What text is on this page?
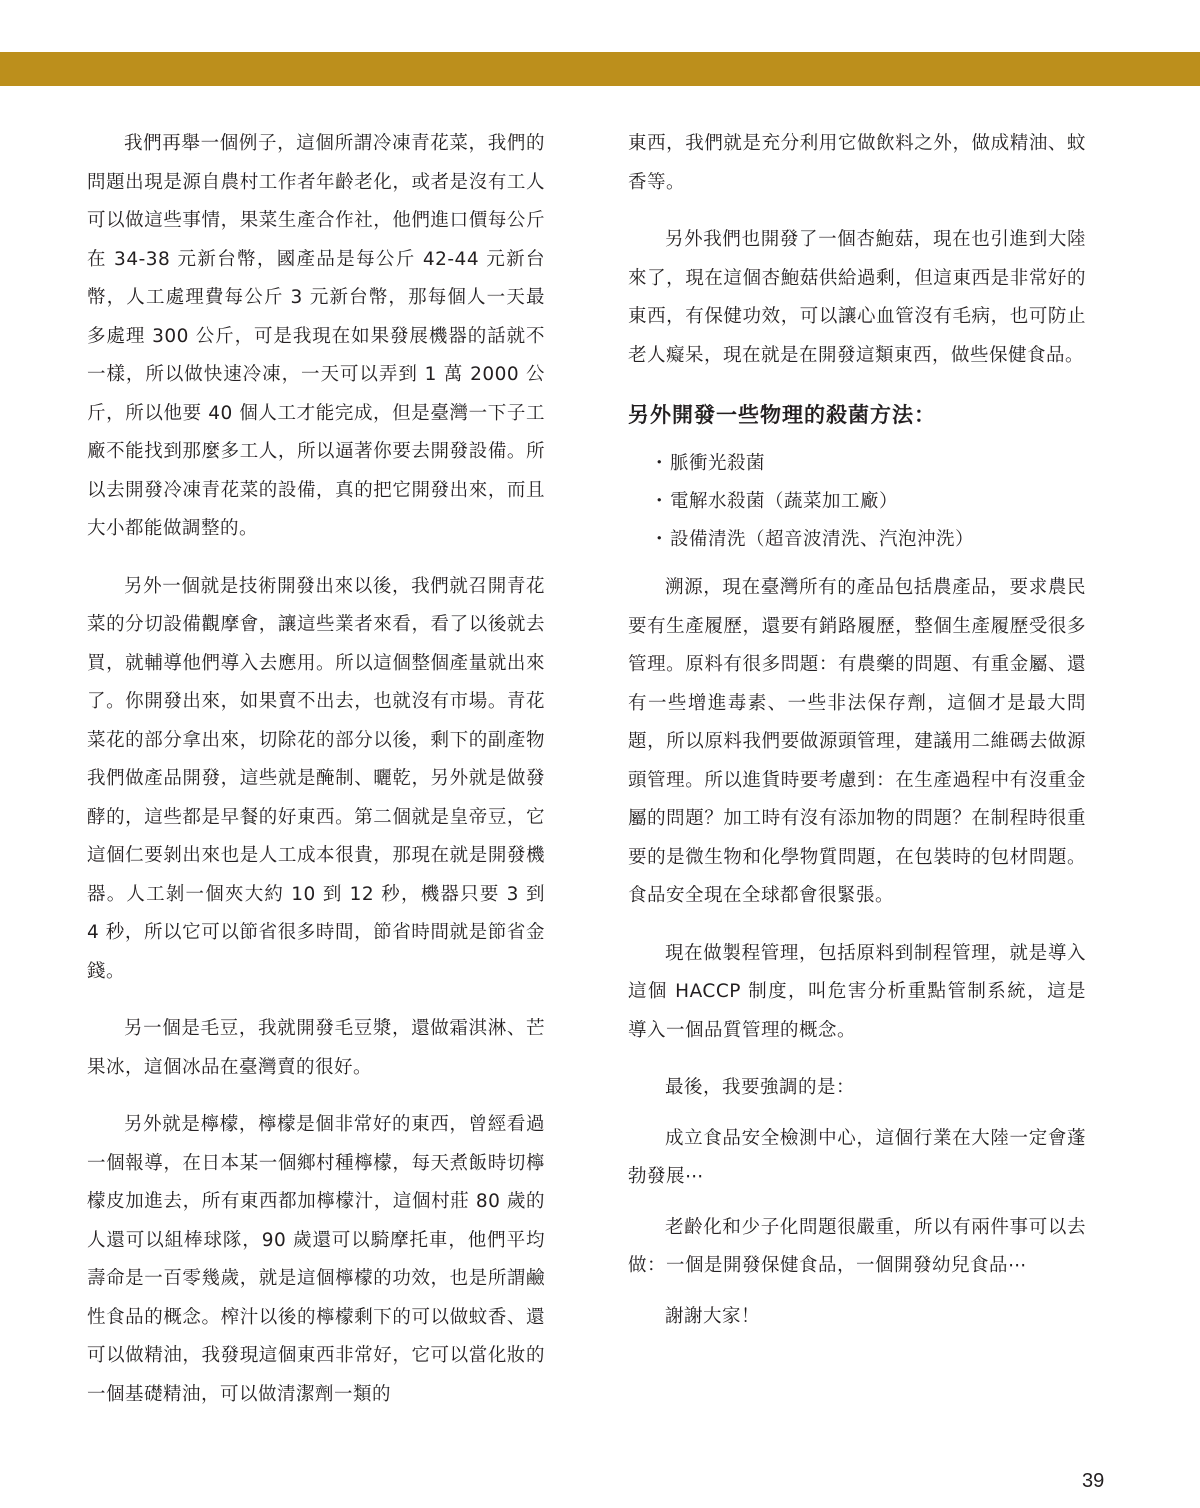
我們再舉一個例子，這個所謂冷凍青花菜，我們的問題出現是源自農村工作者年齡老化，或者是沒有工人可以做這些事情，果菜生產合作社，他們進口價每公斤在 34-38 元新台幣，國產品是每公斤 42-44 元新台幣，人工處理費每公斤 3 元新台幣，那每個人一天最多處理 300 公斤，可是我現在如果發展機器的話就不一樣，所以做快速冷凍，一天可以弄到 1 萬 2000 公斤，所以他要 40 個人工才能完成，但是臺灣一下子工廠不能找到那麼多工人，所以逼著你要去開發設備。所以去開發冷凍青花菜的設備，真的把它開發出來，而且大小都能做調整的。

另外一個就是技術開發出來以後，我們就召開青花菜的分切設備觀摩會，讓這些業者來看，看了以後就去買，就輔導他們導入去應用。所以這個整個產量就出來了。你開發出來，如果賣不出去，也就沒有市場。青花菜花的部分拿出來，切除花的部分以後，剩下的副產物我們做產品開發，這些就是醃制、曬乾，另外就是做發酵的，這些都是早餐的好東西。第二個就是皇帝豆，它這個仁要剝出來也是人工成本很貴，那現在就是開發機器。人工剝一個夾大約 10 到 12 秒，機器只要 3 到 4 秒，所以它可以節省很多時間，節省時間就是節省金錢。

另一個是毛豆，我就開發毛豆漿，還做霜淇淋、芒果冰，這個冰品在臺灣賣的很好。

另外就是檸檬，檸檬是個非常好的東西，曾經看過一個報導，在日本某一個鄉村種檸檬，每天煮飯時切檸檬皮加進去，所有東西都加檸檬汁，這個村莊 80 歲的人還可以組棒球隊，90 歲還可以騎摩托車，他們平均壽命是一百零幾歲，就是這個檸檬的功效，也是所謂鹼性食品的概念。榨汁以後的檸檬剩下的可以做蚊香、還可以做精油，我發現這個東西非常好，它可以當化妝的一個基礎精油，可以做清潔劑一類的

東西，我們就是充分利用它做飲料之外，做成精油、蚊香等。

另外我們也開發了一個杏鮑菇，現在也引進到大陸來了，現在這個杏鮑菇供給過剩，但這東西是非常好的東西，有保健功效，可以讓心血管沒有毛病，也可防止老人癡呆，現在就是在開發這類東西，做些保健食品。

另外開發一些物理的殺菌方法：
・脈衝光殺菌
・電解水殺菌（蔬菜加工廠）
・設備清洗（超音波清洗、汽泡沖洗）

溯源，現在臺灣所有的產品包括農產品，要求農民要有生產履歷，還要有銷路履歷，整個生產履歷受很多管理。原料有很多問題：有農藥的問題、有重金屬、還有一些增進毒素、一些非法保存劑，這個才是最大問題，所以原料我們要做源頭管理，建議用二維碼去做源頭管理。所以進貨時要考慮到：在生產過程中有沒重金屬的問題？加工時有沒有添加物的問題？在制程時很重要的是微生物和化學物質問題，在包裝時的包材問題。食品安全現在全球都會很緊張。

現在做製程管理，包括原料到制程管理，就是導入這個 HACCP 制度，叫危害分析重點管制系統，這是導入一個品質管理的概念。

最後，我要強調的是：

成立食品安全檢測中心，這個行業在大陸一定會蓬勃發展⋯

老齡化和少子化問題很嚴重，所以有兩件事可以去做：一個是開發保健食品，一個開發幼兒食品⋯

謝謝大家！

39
